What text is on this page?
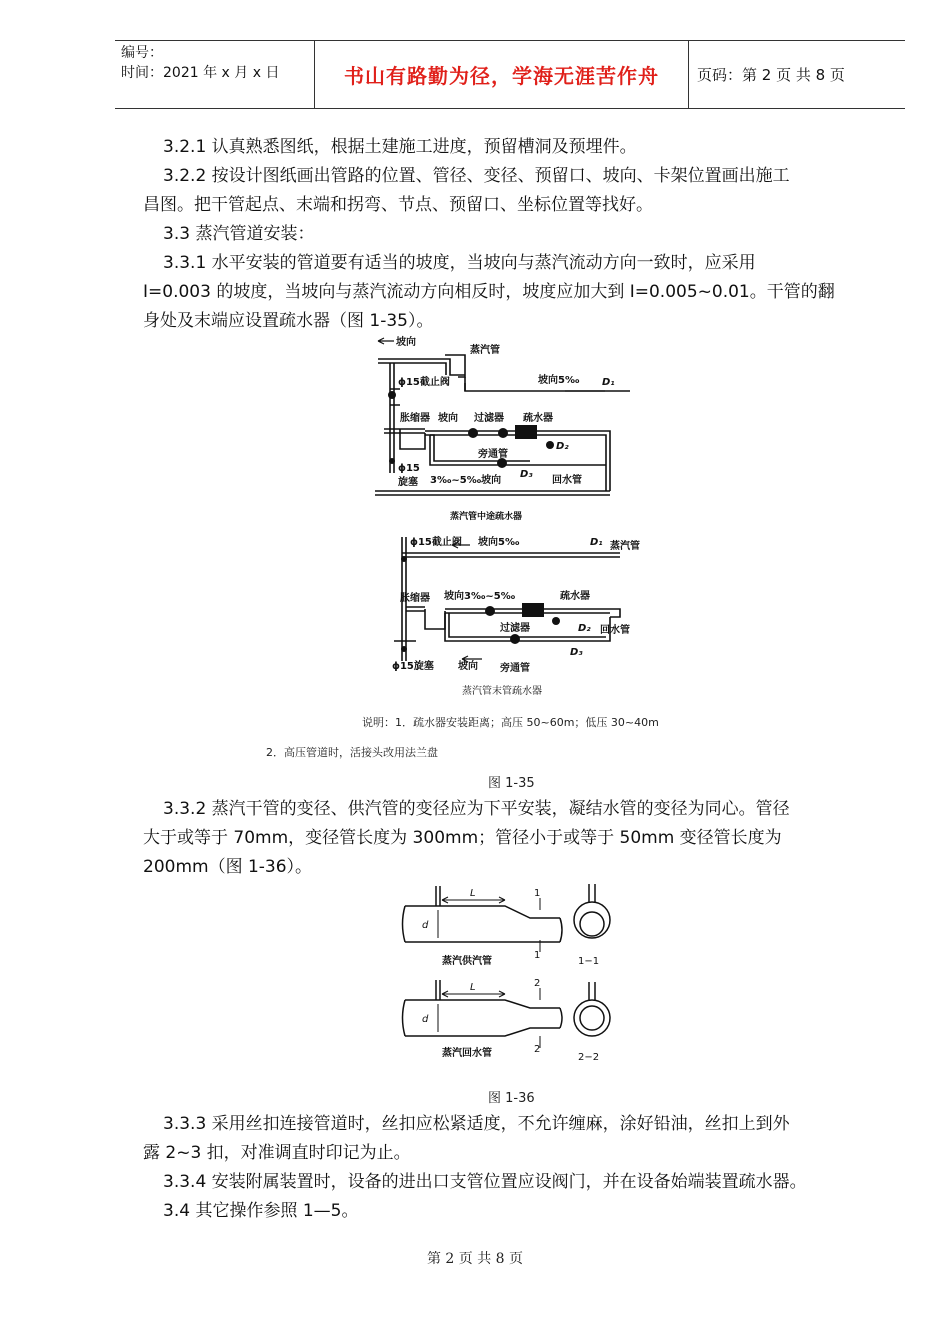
编号：
时间：2021 年 x 月 x 日	书山有路勤为径，学海无涯苦作舟	页码：第 2 页 共 8 页
3.2.1 认真熟悉图纸，根据土建施工进度，预留槽洞及预埋件。
3.2.2 按设计图纸画出管路的位置、管径、变径、预留口、坡向、卡架位置画出施工
昌图。把干管起点、末端和拐弯、节点、预留口、坐标位置等找好。
3.3 蒸汽管道安装：
3.3.1 水平安装的管道要有适当的坡度，当坡向与蒸汽流动方向一致时，应采用
I=0.003 的坡度，当坡向与蒸汽流动方向相反时，坡度应加大到 I=0.005~0.01。干管的翻
身处及末端应设置疏水器（图 1-35）。
坡向
蒸汽管
ϕ15截止阀	坡向5‰ D₁
胀缩器 坡向 过滤器 疏水器
D₂
旁通管
ϕ15
旋塞 3‰~5‰坡向
D₃
回水管
蒸汽管中途疏水器
ϕ15截止阀 坡向5‰	D₁ 蒸汽管
胀缩器 坡向3‰~5‰	疏水器
过滤器	D₂ 回水管
ϕ15旋塞 坡向 旁通管
D₃
蒸汽管末管疏水器
说明：1．疏水器安装距离；高压 50~60m；低压 30~40m
2．高压管道时，活接头改用法兰盘
图 1-35
3.3.2 蒸汽干管的变径、供汽管的变径应为下平安装，凝结水管的变径为同心。管径
大于或等于 70mm，变径管长度为 300mm；管径小于或等于 50mm 变径管长度为
200mm（图 1-36）。
L
d
1
1
蒸汽供汽管	1−1
L
d
2
2
蒸汽回水管	2−2
图 1-36
3.3.3 采用丝扣连接管道时，丝扣应松紧适度，不允许缠麻，涂好铅油，丝扣上到外
露 2~3 扣，对准调直时印记为止。
3.3.4 安装附属装置时，设备的进出口支管位置应设阀门，并在设备始端装置疏水器。
3.4 其它操作参照 1—5。
第 2 页 共 8 页
